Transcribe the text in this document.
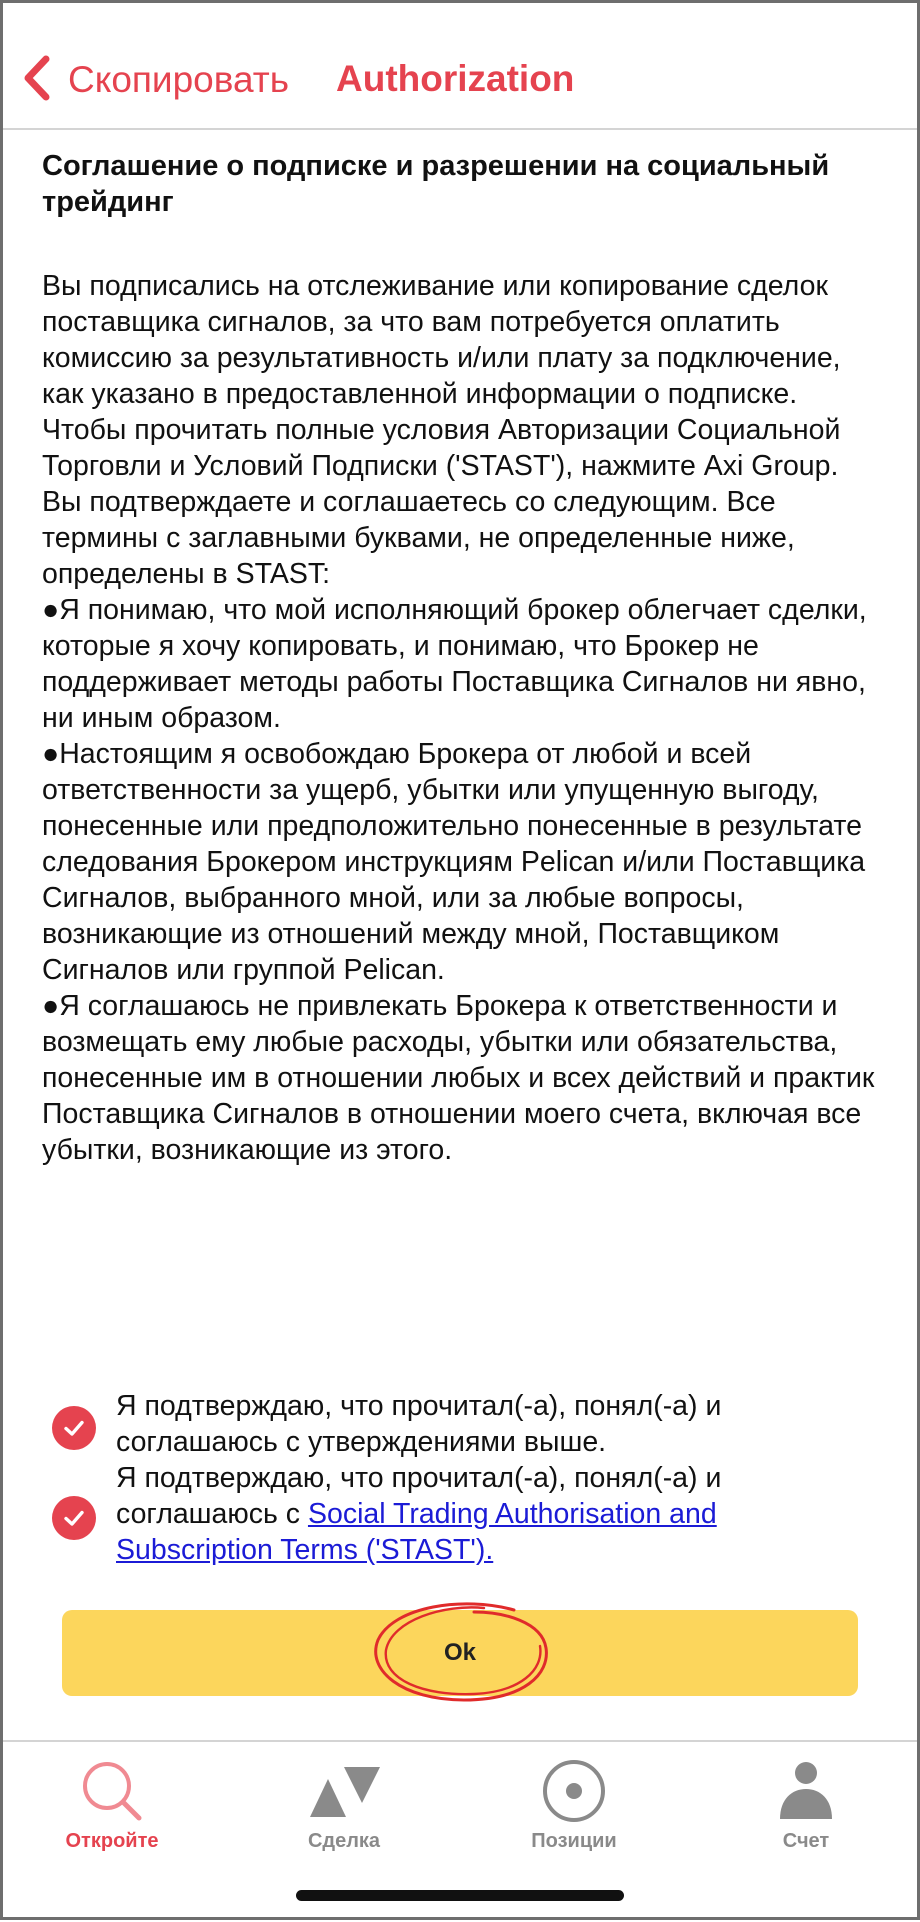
Скопировать Authorization
Соглашение о подписке и разрешении на социальный трейдинг

Вы подписались на отслеживание или копирование сделок поставщика сигналов, за что вам потребуется оплатить комиссию за результативность и/или плату за подключение, как указано в предоставленной информации о подписке. Чтобы прочитать полные условия Авторизации Социальной Торговли и Условий Подписки ('STAST'), нажмите Axi Group.

Вы подтверждаете и соглашаетесь со следующим. Все термины с заглавными буквами, не определенные ниже, определены в STAST:

● Я понимаю, что мой исполняющий брокер облегчает сделки, которые я хочу копировать, и понимаю, что Брокер не поддерживает методы работы Поставщика Сигналов ни явно, ни иным образом.

● Настоящим я освобождаю Брокера от любой и всей ответственности за ущерб, убытки или упущенную выгоду, понесенные или предположительно понесенные в результате следования Брокером инструкциям Pelican и/или Поставщика Сигналов, выбранного мной, или за любые вопросы, возникающие из отношений между мной, Поставщиком Сигналов или группой Pelican.

● Я соглашаюсь не привлекать Брокера к ответственности и возмещать ему любые расходы, убытки или обязательства, понесенные им в отношении любых и всех действий и практик Поставщика Сигналов в отношении моего счета, включая все убытки, возникающие из этого.

Я подтверждаю, что прочитал(-а), понял(-а) и соглашаюсь с утверждениями выше.
Я подтверждаю, что прочитал(-а), понял(-а) и соглашаюсь с Social Trading Authorisation and Subscription Terms ('STAST').
Ok
Откройте	Сделка	Позиции	Счет
